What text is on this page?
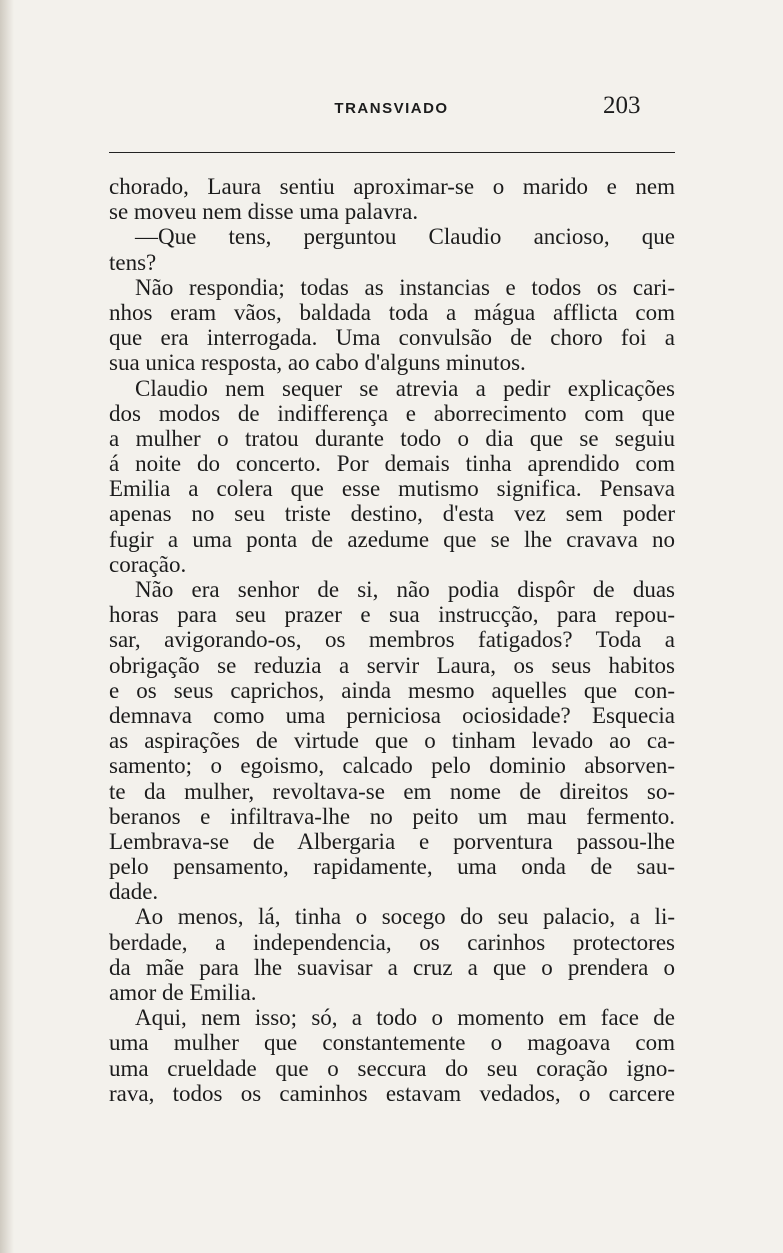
TRANSVIADO	203
chorado, Laura sentiu aproximar-se o marido e nem
se moveu nem disse uma palavra.
—Que tens, perguntou Claudio ancioso, que
tens?
Não respondia; todas as instancias e todos os cari-
nhos eram vãos, baldada toda a mágua afflicta com
que era interrogada. Uma convulsão de choro foi a
sua unica resposta, ao cabo d'alguns minutos.
Claudio nem sequer se atrevia a pedir explicações
dos modos de indifferença e aborrecimento com que
a mulher o tratou durante todo o dia que se seguiu
á noite do concerto. Por demais tinha aprendido com
Emilia a colera que esse mutismo significa. Pensava
apenas no seu triste destino, d'esta vez sem poder
fugir a uma ponta de azedume que se lhe cravava no
coração.
Não era senhor de si, não podia dispôr de duas
horas para seu prazer e sua instrucção, para repou-
sar, avigorando-os, os membros fatigados? Toda a
obrigação se reduzia a servir Laura, os seus habitos
e os seus caprichos, ainda mesmo aquelles que con-
demnava como uma perniciosa ociosidade? Esquecia
as aspirações de virtude que o tinham levado ao ca-
samento; o egoismo, calcado pelo dominio absorven-
te da mulher, revoltava-se em nome de direitos so-
beranos e infiltrava-lhe no peito um mau fermento.
Lembrava-se de Albergaria e porventura passou-lhe
pelo pensamento, rapidamente, uma onda de sau-
dade.
Ao menos, lá, tinha o socego do seu palacio, a li-
berdade, a independencia, os carinhos protectores
da mãe para lhe suavisar a cruz a que o prendera o
amor de Emilia.
Aqui, nem isso; só, a todo o momento em face de
uma mulher que constantemente o magoava com
uma crueldade que o seccura do seu coração igno-
rava, todos os caminhos estavam vedados, o carcere
